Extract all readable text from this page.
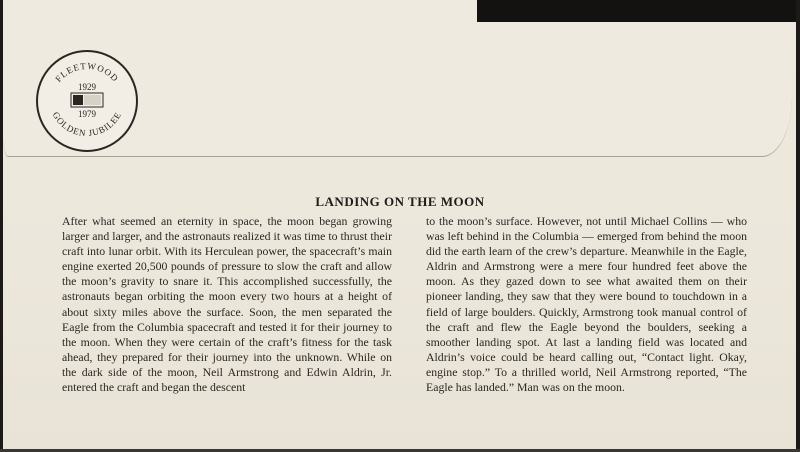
FLEETWOOD
GOLDEN JUBILEE
1929
1979
LANDING ON THE MOON

After what seemed an eternity in space, the moon began growing larger and larger, and the astronauts realized it was time to thrust their craft into lunar orbit. With its Herculean power, the spacecraft’s main engine exerted 20,500 pounds of pressure to slow the craft and allow the moon’s gravity to snare it. This accomplished successfully, the astronauts began orbiting the moon every two hours at a height of about sixty miles above the surface. Soon, the men separated the Eagle from the Columbia spacecraft and tested it for their journey to the moon. When they were certain of the craft’s fitness for the task ahead, they prepared for their journey into the unknown. While on the dark side of the moon, Neil Armstrong and Edwin Aldrin, Jr. entered the craft and began the descent

to the moon’s surface. However, not until Michael Collins — who was left behind in the Columbia — emerged from behind the moon did the earth learn of the crew’s departure. Meanwhile in the Eagle, Aldrin and Armstrong were a mere four hundred feet above the moon. As they gazed down to see what awaited them on their pioneer landing, they saw that they were bound to touchdown in a field of large boulders. Quickly, Armstrong took manual control of the craft and flew the Eagle beyond the boulders, seeking a smoother landing spot. At last a landing field was located and Aldrin’s voice could be heard calling out, “Contact light. Okay, engine stop.” To a thrilled world, Neil Armstrong reported, “The Eagle has landed.” Man was on the moon.
